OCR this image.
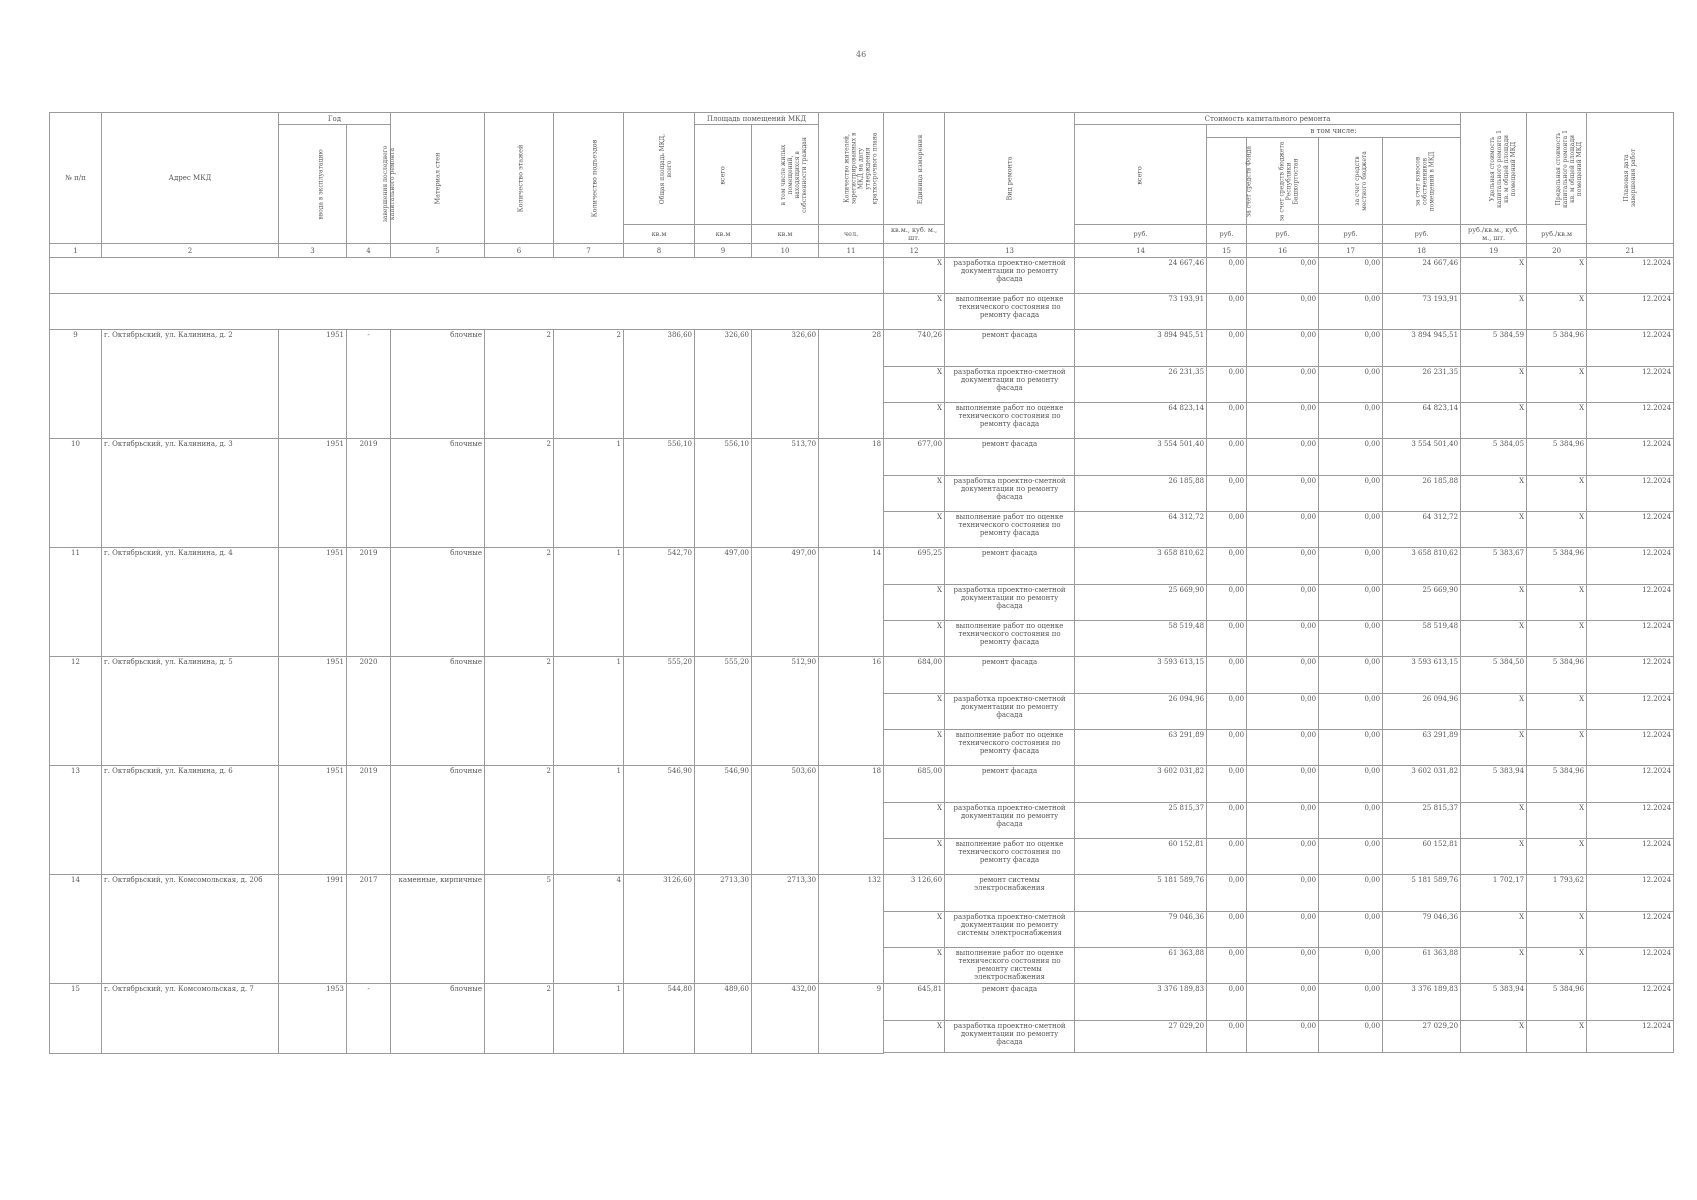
46
№ п/п	Адрес МКД	Год		Материал стен	Количество этажей	Количество подъездов	Общая площадь МКД, всего	Площадь помещений МКД		Количество жителей, зарегистрированных в МКД на дату утверждения краткосрочного плана	Единица измерения	Вид ремонта	Стоимость капитального ремонта					Удельная стоимость капитального ремонта 1 кв. м общей площади помещений МКД	Предельная стоимость капитального ремонта 1 кв. м общей площади помещений МКД	Плановая дата завершения работ
		ввода в эксплуатацию	завершения последнего капитального ремонта					всего	в том числе жилых помещений, находящихся в собственности граждан				всего	в том числе:						
														за счет средств Фонда	за счет средств бюджета Республики Башкортостан	за счет средств местного бюджета	за счет взносов собственников помещений в МКД			
							кв.м	кв.м	кв.м	чел.	кв.м., куб. м., шт.		руб.	руб.	руб.	руб.	руб.	руб./кв.м., куб. м., шт.	руб./кв.м	
1	2	3	4	5	6	7	8	9	10	11	12	13	14	15	16	17	18	19	20	21
											X	разработка проектно-сметной документации по ремонту фасада	24 667,46	0,00	0,00	0,00	24 667,46	X	X	12.2024
											X	выполнение работ по оценке технического состояния по ремонту фасада	73 193,91	0,00	0,00	0,00	73 193,91	X	X	12.2024
9	г. Октябрьский, ул. Калинина, д. 2	1951	-	блочные	2	2	386,60	326,60	326,60	28	740,26	ремонт фасада	3 894 945,51	0,00	0,00	0,00	3 894 945,51	5 384,59	5 384,96	12.2024
											X	разработка проектно-сметной документации по ремонту фасада	26 231,35	0,00	0,00	0,00	26 231,35	X	X	12.2024
											X	выполнение работ по оценке технического состояния по ремонту фасада	64 823,14	0,00	0,00	0,00	64 823,14	X	X	12.2024
10	г. Октябрьский, ул. Калинина, д. 3	1951	2019	блочные	2	1	556,10	556,10	513,70	18	677,00	ремонт фасада	3 554 501,40	0,00	0,00	0,00	3 554 501,40	5 384,05	5 384,96	12.2024
											X	разработка проектно-сметной документации по ремонту фасада	26 185,88	0,00	0,00	0,00	26 185,88	X	X	12.2024
											X	выполнение работ по оценке технического состояния по ремонту фасада	64 312,72	0,00	0,00	0,00	64 312,72	X	X	12.2024
11	г. Октябрьский, ул. Калинина, д. 4	1951	2019	блочные	2	1	542,70	497,00	497,00	14	695,25	ремонт фасада	3 658 810,62	0,00	0,00	0,00	3 658 810,62	5 383,67	5 384,96	12.2024
											X	разработка проектно-сметной документации по ремонту фасада	25 669,90	0,00	0,00	0,00	25 669,90	X	X	12.2024
											X	выполнение работ по оценке технического состояния по ремонту фасада	58 519,48	0,00	0,00	0,00	58 519,48	X	X	12.2024
12	г. Октябрьский, ул. Калинина, д. 5	1951	2020	блочные	2	1	555,20	555,20	512,90	16	684,00	ремонт фасада	3 593 613,15	0,00	0,00	0,00	3 593 613,15	5 384,50	5 384,96	12.2024
											X	разработка проектно-сметной документации по ремонту фасада	26 094,96	0,00	0,00	0,00	26 094,96	X	X	12.2024
											X	выполнение работ по оценке технического состояния по ремонту фасада	63 291,89	0,00	0,00	0,00	63 291,89	X	X	12.2024
13	г. Октябрьский, ул. Калинина, д. 6	1951	2019	блочные	2	1	546,90	546,90	503,60	18	685,00	ремонт фасада	3 602 031,82	0,00	0,00	0,00	3 602 031,82	5 383,94	5 384,96	12.2024
											X	разработка проектно-сметной документации по ремонту фасада	25 815,37	0,00	0,00	0,00	25 815,37	X	X	12.2024
											X	выполнение работ по оценке технического состояния по ремонту фасада	60 152,81	0,00	0,00	0,00	60 152,81	X	X	12.2024
14	г. Октябрьский, ул. Комсомольская, д. 20б	1991	2017	каменные, кирпичные	5	4	3126,60	2713,30	2713,30	132	3 126,60	ремонт системы электроснабжения	5 181 589,76	0,00	0,00	0,00	5 181 589,76	1 702,17	1 793,62	12.2024
											X	разработка проектно-сметной документации по ремонту системы электроснабжения	79 046,36	0,00	0,00	0,00	79 046,36	X	X	12.2024
											X	выполнение работ по оценке технического состояния по ремонту системы электроснабжения	61 363,88	0,00	0,00	0,00	61 363,88	X	X	12.2024
15	г. Октябрьский, ул. Комсомольская, д. 7	1953	-	блочные	2	1	544,80	489,60	432,00	9	645,81	ремонт фасада	3 376 189,83	0,00	0,00	0,00	3 376 189,83	5 383,94	5 384,96	12.2024
											X	разработка проектно-сметной документации по ремонту фасада	27 029,20	0,00	0,00	0,00	27 029,20	X	X	12.2024
